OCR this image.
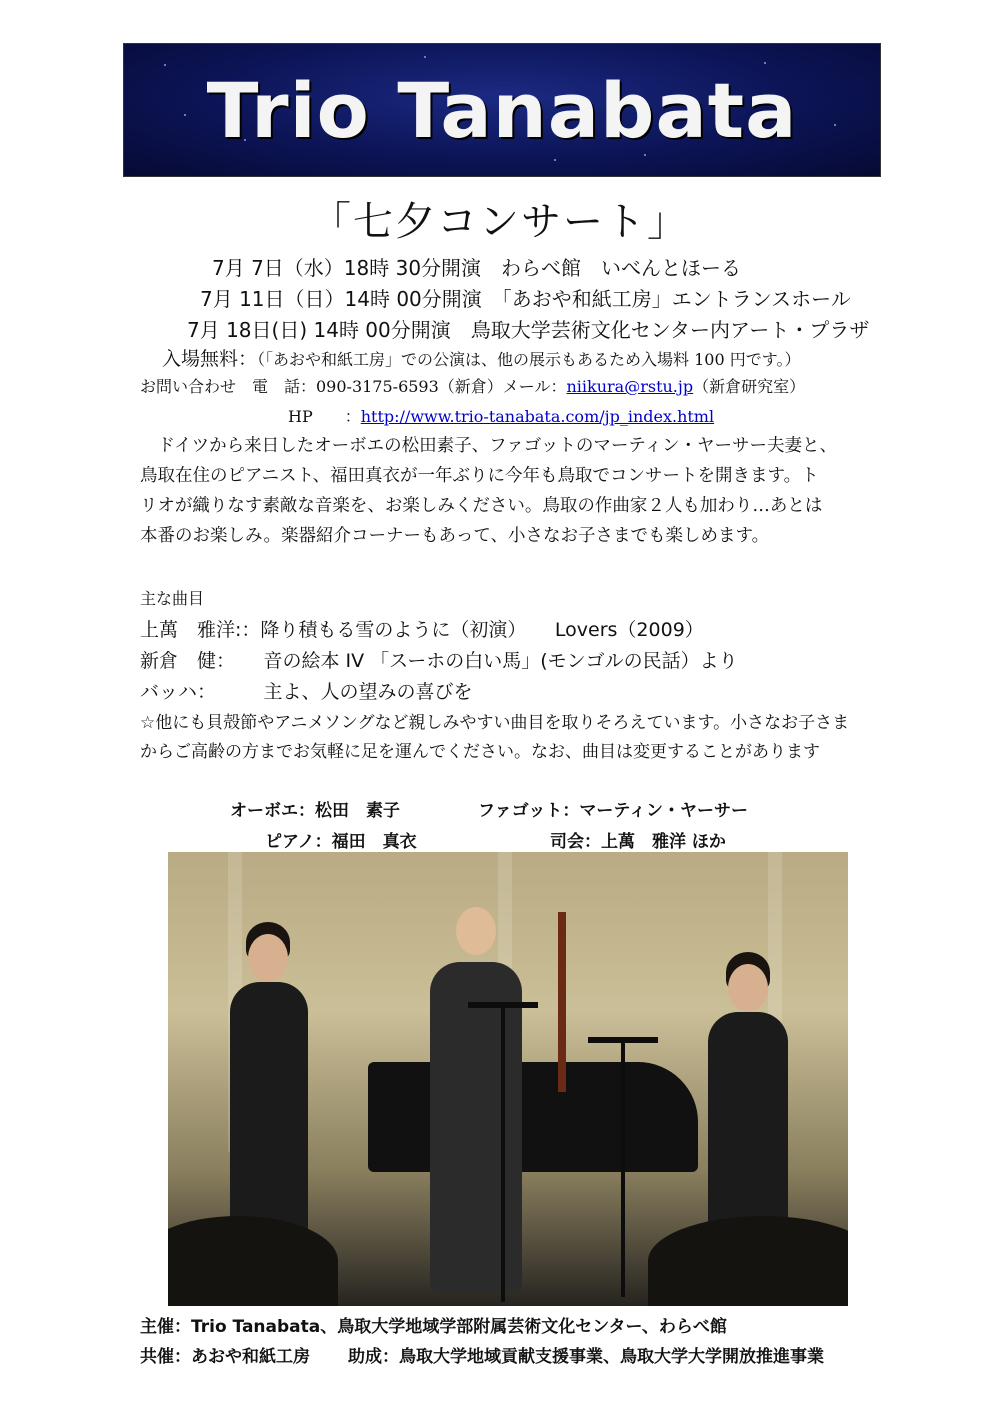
Trio Tanabata
「七夕コンサート」
7月 7日（水）18時 30分開演　わらべ館　いべんとほーる
7月 11日（日）14時 00分開演　「あおや和紙工房」エントランスホール
7月 18日(日) 14時 00分開演　鳥取大学芸術文化センター内アート・プラザ
入場無料：（「あおや和紙工房」での公演は、他の展示もあるため入場料 100 円です。）
お問い合わせ　電　話：090-3175-6593（新倉）メール：niikura@rstu.jp（新倉研究室）
HP　　：http://www.trio-tanabata.com/jp_index.html
　ドイツから来日したオーボエの松田素子、ファゴットのマーティン・ヤーサー夫妻と、
鳥取在住のピアニスト、福田真衣が一年ぶりに今年も鳥取でコンサートを開きます。ト
リオが織りなす素敵な音楽を、お楽しみください。鳥取の作曲家２人も加わり…あとは
本番のお楽しみ。楽器紹介コーナーもあって、小さなお子さまでも楽しめます。
主な曲目
上萬　雅洋:：降り積もる雪のように（初演）　　Lovers（2009）
新倉　健：　　音の絵本 IV 「スーホの白い馬」(モンゴルの民話）より
バッハ：　　　主よ、人の望みの喜びを
☆他にも貝殻節やアニメソングなど親しみやすい曲目を取りそろえています。小さなお子さま
からご高齢の方までお気軽に足を運んでください。なお、曲目は変更することがあります
オーボエ：松田　素子	ファゴット：マーティン・ヤーサー
ピアノ：福田　真衣	司会：上萬　雅洋 ほか
主催：Trio Tanabata、鳥取大学地域学部附属芸術文化センター、わらべ館
共催：あおや和紙工房 助成：鳥取大学地域貢献支援事業、鳥取大学大学開放推進事業
